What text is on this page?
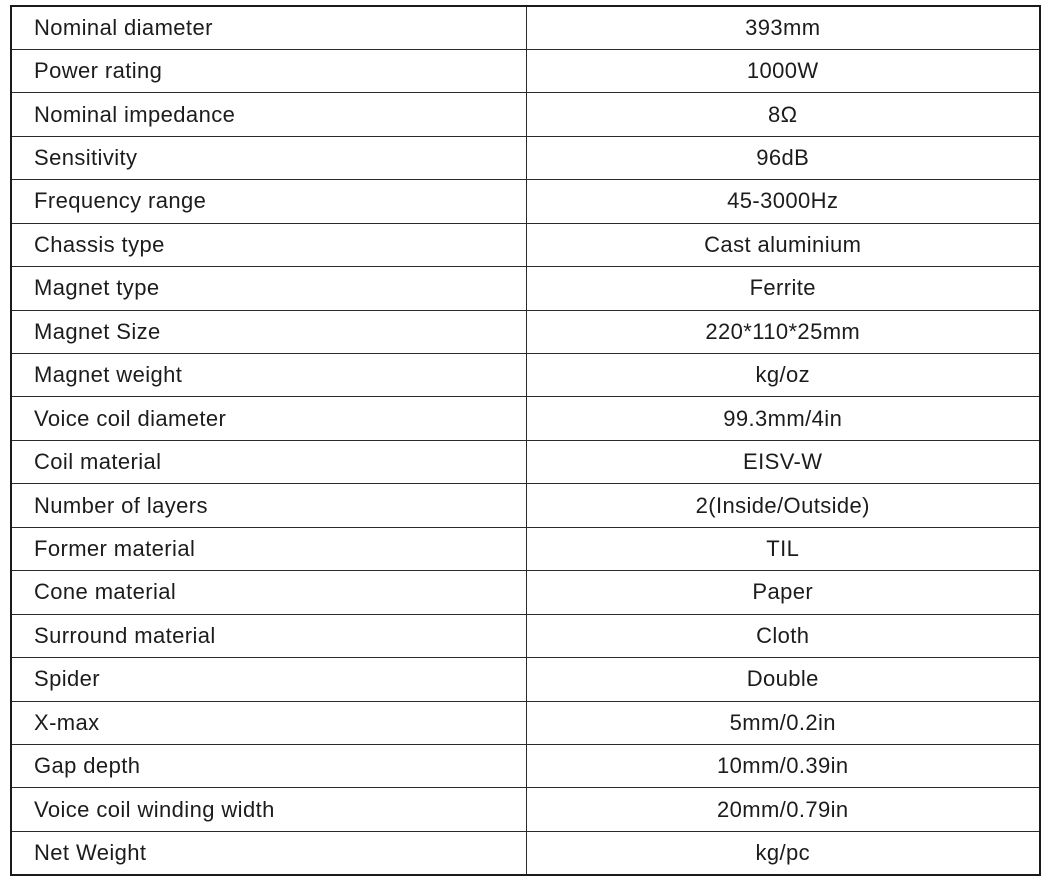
Nominal diameter	393mm
Power rating	1000W
Nominal impedance	8Ω
Sensitivity	96dB
Frequency range	45-3000Hz
Chassis type	Cast aluminium
Magnet type	Ferrite
Magnet Size	220*110*25mm
Magnet weight	kg/oz
Voice coil diameter	99.3mm/4in
Coil material	EISV-W
Number of layers	2(Inside/Outside)
Former material	TIL
Cone material	Paper
Surround material	Cloth
Spider	Double
X-max	5mm/0.2in
Gap depth	10mm/0.39in
Voice coil winding width	20mm/0.79in
Net Weight	kg/pc
